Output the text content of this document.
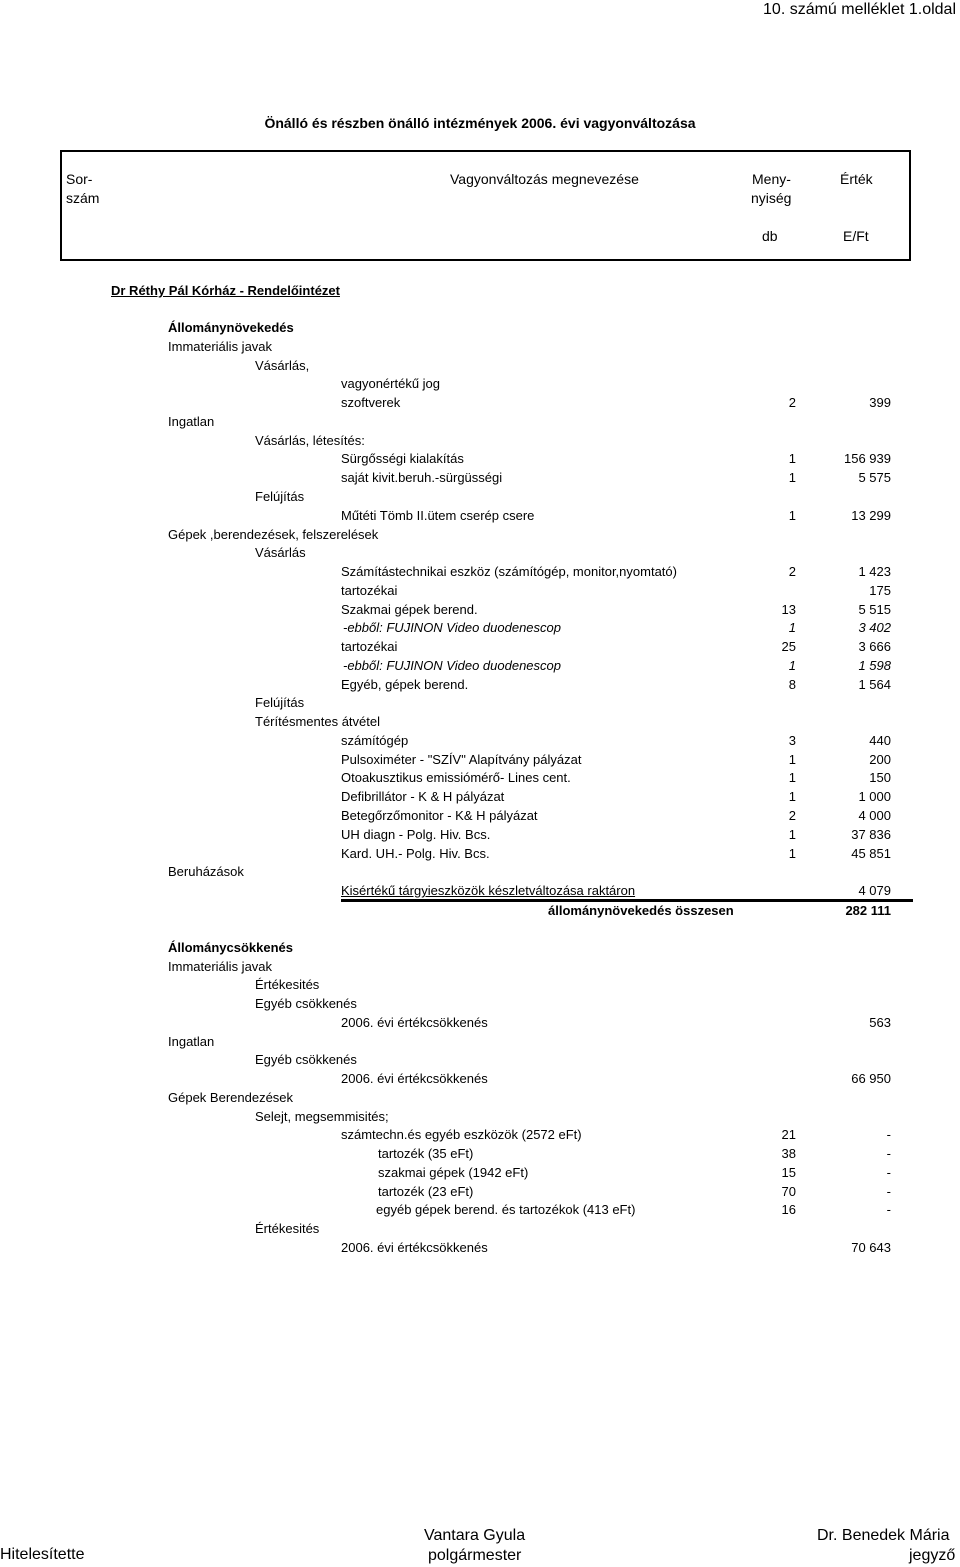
10. számú melléklet 1.oldal
Önálló és részben önálló intézmények 2006. évi vagyonváltozása
Sor-
szám
Vagyonváltozás megnevezése	Meny-
nyiség
Érték
db	E/Ft
Dr Réthy Pál Kórház - Rendelőintézet
Állománynövekedés
Immateriális javak
Vásárlás,
vagyonértékű jog
szoftverek	2	399
Ingatlan
Vásárlás, létesítés:
Sürgősségi kialakítás	1	156 939
saját kivit.beruh.-sürgüsségi	1	5 575
Felújítás
Műtéti Tömb II.ütem cserép csere	1	13 299
Gépek ,berendezések, felszerelések
Vásárlás
Számítástechnikai eszköz (számítógép, monitor,nyomtató)	2	1 423
tartozékai	175
Szakmai gépek berend.	13	5 515
-ebből: FUJINON Video duodenescop	1	3 402
tartozékai	25	3 666
-ebből: FUJINON Video duodenescop	1	1 598
Egyéb, gépek berend.	8	1 564
Felújítás
Térítésmentes átvétel
számítógép	3	440
Pulsoximéter - "SZÍV" Alapítvány pályázat	1	200
Otoakusztikus emissiómérő- Lines cent.	1	150
Defibrillátor - K & H pályázat	1	1 000
Betegőrzőmonitor - K& H pályázat	2	4 000
UH diagn - Polg. Hiv. Bcs.	1	37 836
Kard. UH.- Polg. Hiv. Bcs.	1	45 851
Beruházások
Kisértékű tárgyieszközök készletváltozása raktáron	4 079
állománynövekedés összesen	282 111
Állománycsökkenés
Immateriális javak
Értékesités
Egyéb csökkenés
2006. évi értékcsökkenés	563
Ingatlan
Egyéb csökkenés
2006. évi értékcsökkenés	66 950
Gépek Berendezések
Selejt, megsemmisités;
számtechn.és egyéb eszközök (2572 eFt)	21	-
tartozék (35 eFt)	38	-
szakmai gépek (1942 eFt)	15	-
tartozék (23 eFt)	70	-
egyéb gépek berend. és tartozékok (413 eFt)	16	-
Értékesités
2006. évi értékcsökkenés	70 643
Hitelesítette
Vantara Gyula
polgármester
Dr. Benedek Mária
jegyző
